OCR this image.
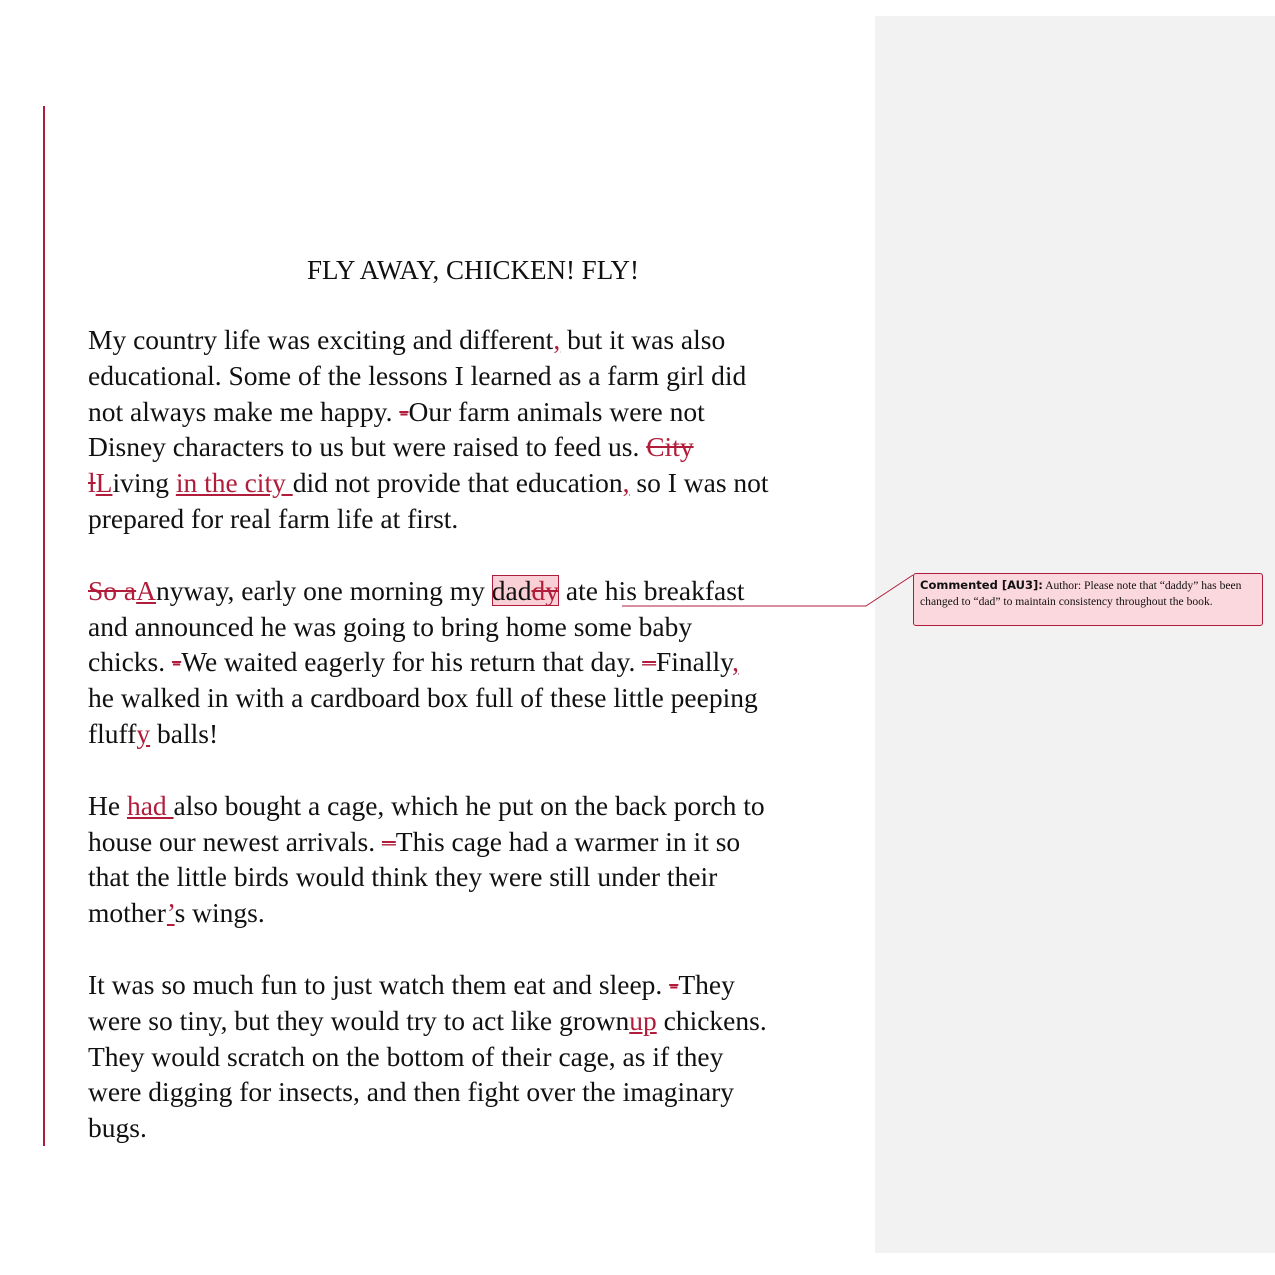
FLY AWAY, CHICKEN! FLY!

My country life was exciting and different, but it was also
educational. Some of the lessons I learned as a farm girl did
not always make me happy. -Our farm animals were not
Disney characters to us but were raised to feed us. City
lLiving in the city did not provide that education, so I was not
prepared for real farm life at first.

So aAnyway, early one morning my daddy ate his breakfast
and announced he was going to bring home some baby
chicks. -We waited eagerly for his return that day. –Finally,
he walked in with a cardboard box full of these little peeping
fluffy balls!

He had also bought a cage, which he put on the back porch to
house our newest arrivals. –This cage had a warmer in it so
that the little birds would think they were still under their
mother’s wings.

It was so much fun to just watch them eat and sleep. -They
were so tiny, but they would try to act like grownup chickens.
They would scratch on the bottom of their cage, as if they
were digging for insects, and then fight over the imaginary
bugs.

Commented [AU3]: Author: Please note that “daddy” has been changed to “dad” to maintain consistency throughout the book.
